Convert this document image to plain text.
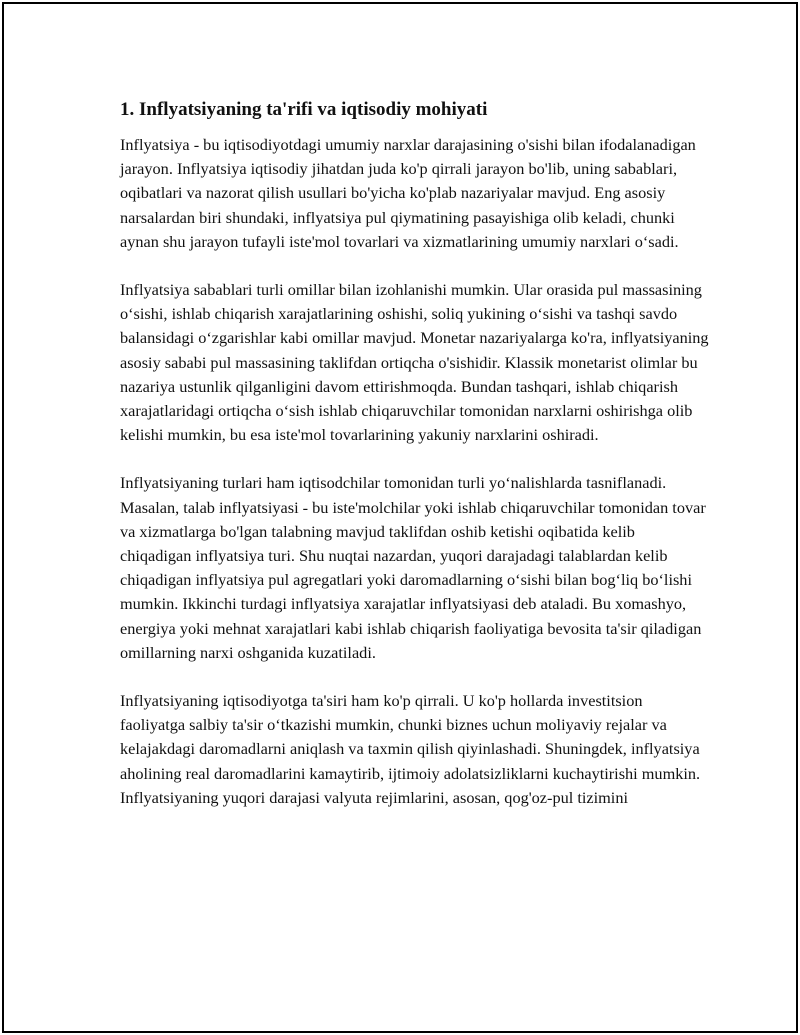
1. Inflyatsiyaning ta'rifi va iqtisodiy mohiyati

Inflyatsiya - bu iqtisodiyotdagi umumiy narxlar darajasining o'sishi bilan ifodalanadigan jarayon. Inflyatsiya iqtisodiy jihatdan juda ko'p qirrali jarayon bo'lib, uning sabablari, oqibatlari va nazorat qilish usullari bo'yicha ko'plab nazariyalar mavjud. Eng asosiy narsalardan biri shundaki, inflyatsiya pul qiymatining pasayishiga olib keladi, chunki aynan shu jarayon tufayli iste'mol tovarlari va xizmatlarining umumiy narxlari o‘sadi.

Inflyatsiya sabablari turli omillar bilan izohlanishi mumkin. Ular orasida pul massasining o‘sishi, ishlab chiqarish xarajatlarining oshishi, soliq yukining o‘sishi va tashqi savdo balansidagi o‘zgarishlar kabi omillar mavjud. Monetar nazariyalarga ko'ra, inflyatsiyaning asosiy sababi pul massasining taklifdan ortiqcha o'sishidir. Klassik monetarist olimlar bu nazariya ustunlik qilganligini davom ettirishmoqda. Bundan tashqari, ishlab chiqarish xarajatlaridagi ortiqcha o‘sish ishlab chiqaruvchilar tomonidan narxlarni oshirishga olib kelishi mumkin, bu esa iste'mol tovarlarining yakuniy narxlarini oshiradi.

Inflyatsiyaning turlari ham iqtisodchilar tomonidan turli yo‘nalishlarda tasniflanadi. Masalan, talab inflyatsiyasi - bu iste'molchilar yoki ishlab chiqaruvchilar tomonidan tovar va xizmatlarga bo'lgan talabning mavjud taklifdan oshib ketishi oqibatida kelib chiqadigan inflyatsiya turi. Shu nuqtai nazardan, yuqori darajadagi talablardan kelib chiqadigan inflyatsiya pul agregatlari yoki daromadlarning o‘sishi bilan bog‘liq bo‘lishi mumkin. Ikkinchi turdagi inflyatsiya xarajatlar inflyatsiyasi deb ataladi. Bu xomashyo, energiya yoki mehnat xarajatlari kabi ishlab chiqarish faoliyatiga bevosita ta'sir qiladigan omillarning narxi oshganida kuzatiladi.

Inflyatsiyaning iqtisodiyotga ta'siri ham ko'p qirrali. U ko'p hollarda investitsion faoliyatga salbiy ta'sir o‘tkazishi mumkin, chunki biznes uchun moliyaviy rejalar va kelajakdagi daromadlarni aniqlash va taxmin qilish qiyinlashadi. Shuningdek, inflyatsiya aholining real daromadlarini kamaytirib, ijtimoiy adolatsizliklarni kuchaytirishi mumkin. Inflyatsiyaning yuqori darajasi valyuta rejimlarini, asosan, qog'oz-pul tizimini
